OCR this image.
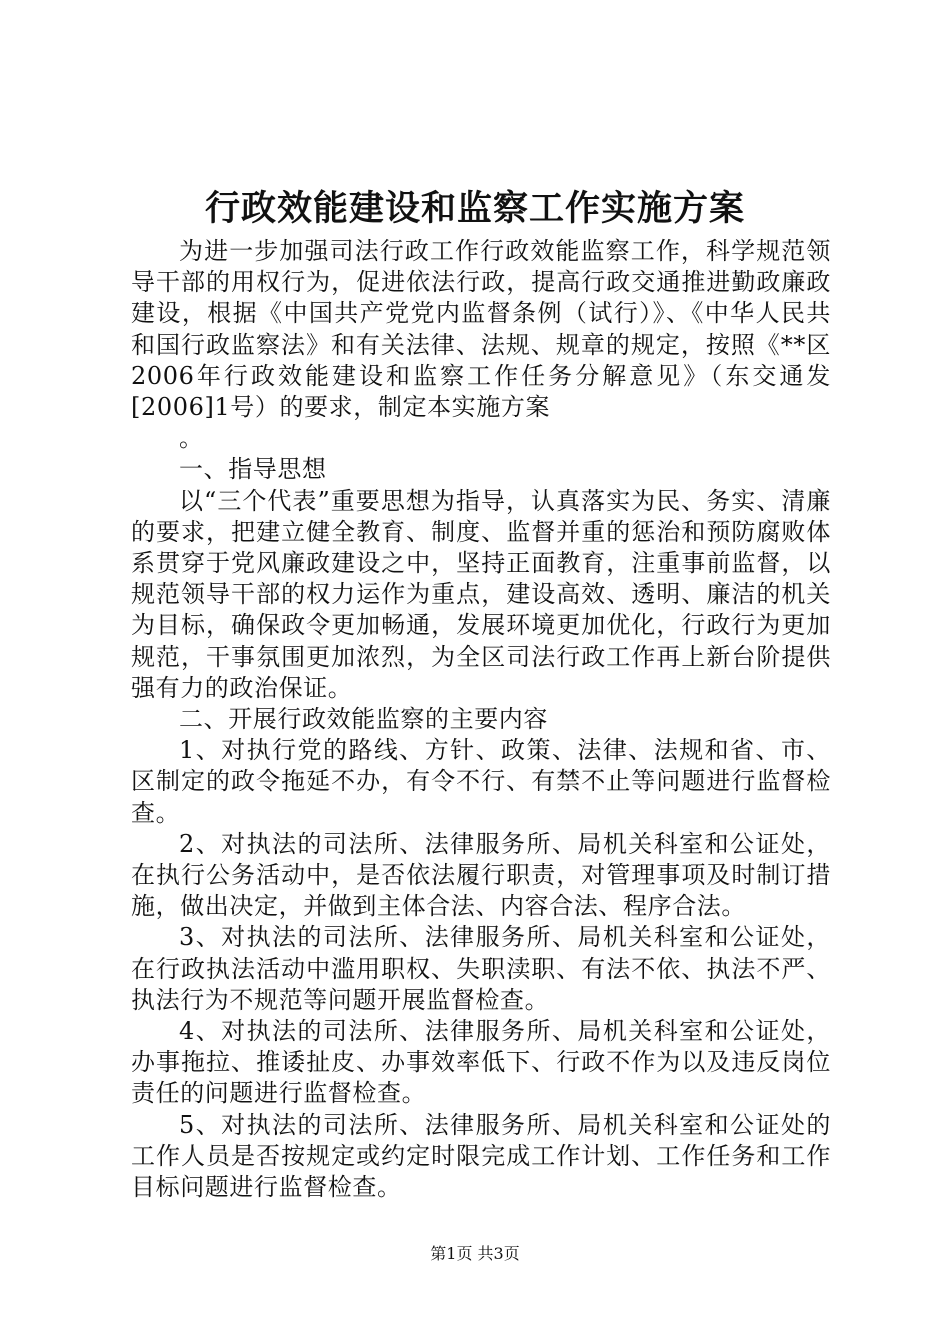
行政效能建设和监察工作实施方案

为进一步加强司法行政工作行政效能监察工作，科学规范领导干部的用权行为，促进依法行政，提高行政交通推进勤政廉政建设，根据《中国共产党党内监督条例（试行）》、《中华人民共和国行政监察法》和有关法律、法规、规章的规定，按照《**区2006年行政效能建设和监察工作任务分解意见》（东交通发[2006]1号）的要求，制定本实施方案

。

一、指导思想

以“三个代表”重要思想为指导，认真落实为民、务实、清廉的要求，把建立健全教育、制度、监督并重的惩治和预防腐败体系贯穿于党风廉政建设之中，坚持正面教育，注重事前监督，以规范领导干部的权力运作为重点，建设高效、透明、廉洁的机关为目标，确保政令更加畅通，发展环境更加优化，行政行为更加规范，干事氛围更加浓烈，为全区司法行政工作再上新台阶提供强有力的政治保证。

二、开展行政效能监察的主要内容

1、对执行党的路线、方针、政策、法律、法规和省、市、区制定的政令拖延不办，有令不行、有禁不止等问题进行监督检查。

2、对执法的司法所、法律服务所、局机关科室和公证处，在执行公务活动中，是否依法履行职责，对管理事项及时制订措施，做出决定，并做到主体合法、内容合法、程序合法。

3、对执法的司法所、法律服务所、局机关科室和公证处，在行政执法活动中滥用职权、失职渎职、有法不依、执法不严、执法行为不规范等问题开展监督检查。

4、对执法的司法所、法律服务所、局机关科室和公证处，办事拖拉、推诿扯皮、办事效率低下、行政不作为以及违反岗位责任的问题进行监督检查。

5、对执法的司法所、法律服务所、局机关科室和公证处的工作人员是否按规定或约定时限完成工作计划、工作任务和工作目标问题进行监督检查。

第1页 共3页
